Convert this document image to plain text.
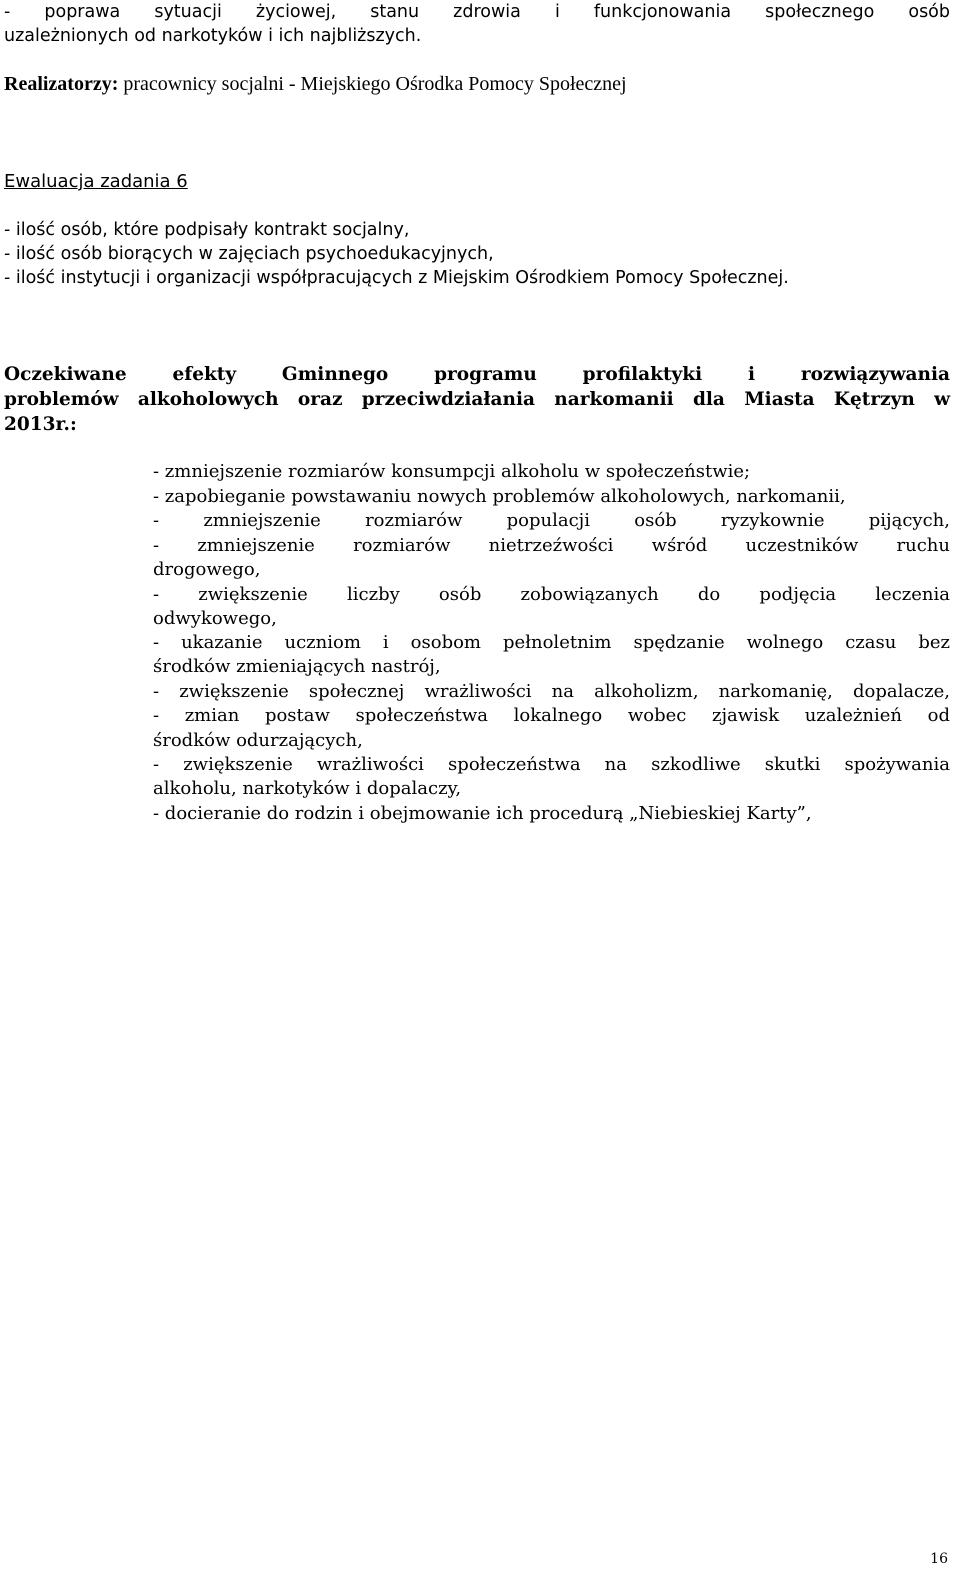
- poprawa sytuacji życiowej, stanu zdrowia i funkcjonowania społecznego osób
uzależnionych od narkotyków i ich najbliższych.
Realizatorzy: pracownicy socjalni - Miejskiego Ośrodka Pomocy Społecznej
Ewaluacja zadania 6
- ilość osób, które podpisały kontrakt socjalny,
- ilość osób biorących w zajęciach psychoedukacyjnych,
- ilość instytucji i organizacji współpracujących z Miejskim Ośrodkiem Pomocy Społecznej.
Oczekiwane efekty Gminnego programu profilaktyki i rozwiązywania
problemów alkoholowych oraz przeciwdziałania narkomanii dla Miasta Kętrzyn w
2013r.:
- zmniejszenie rozmiarów konsumpcji alkoholu w społeczeństwie;
- zapobieganie powstawaniu nowych problemów alkoholowych, narkomanii,
- zmniejszenie rozmiarów populacji osób ryzykownie pijących,
- zmniejszenie rozmiarów nietrzeźwości wśród uczestników ruchu
drogowego,
- zwiększenie liczby osób zobowiązanych do podjęcia leczenia
odwykowego,
- ukazanie uczniom i osobom pełnoletnim spędzanie wolnego czasu bez
środków zmieniających nastrój,
- zwiększenie społecznej wrażliwości na alkoholizm, narkomanię, dopalacze,
- zmian postaw społeczeństwa lokalnego wobec zjawisk uzależnień od
środków odurzających,
- zwiększenie wrażliwości społeczeństwa na szkodliwe skutki spożywania
alkoholu, narkotyków i dopalaczy,
- docieranie do rodzin i obejmowanie ich procedurą „Niebieskiej Karty”,
16
